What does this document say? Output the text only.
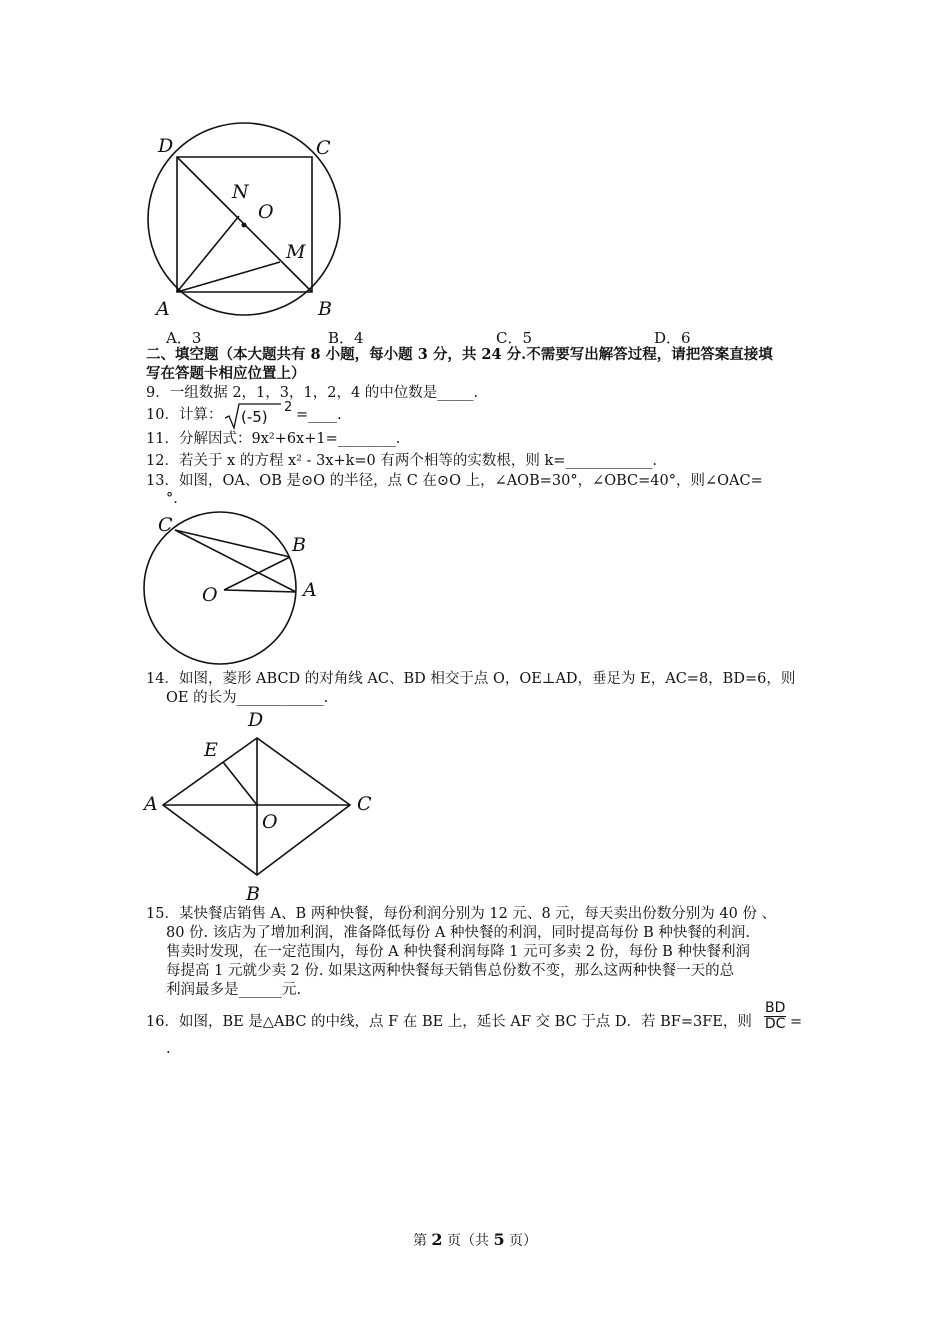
D	C
N
O
M
A	B
A．3	B．4	C．5	D．6
二、填空题（本大题共有 8 小题，每小题 3 分，共 24 分.不需要写出解答过程，请把答案直接填
写在答题卡相应位置上）
9．一组数据 2，1，3，1，2，4 的中位数是_____.
10．计算： (-5)
2 =____.
11．分解因式：9x²+6x+1=________.
12．若关于 x 的方程 x² - 3x+k=0 有两个相等的实数根，则 k=____________.
13．如图，OA、OB 是⊙O 的半径，点 C 在⊙O 上，∠AOB=30°，∠OBC=40°，则∠OAC=
°.
C
B
O	A
14．如图，菱形 ABCD 的对角线 AC、BD 相交于点 O，OE⊥AD，垂足为 E，AC=8，BD=6，则
OE 的长为____________.
D
E
A	C
O
B
15．某快餐店销售 A、B 两种快餐，每份利润分别为 12 元、8 元，每天卖出份数分别为 40 份 、
80 份. 该店为了增加利润，准备降低每份 A 种快餐的利润，同时提高每份 B 种快餐的利润.
售卖时发现，在一定范围内，每份 A 种快餐利润每降 1 元可多卖 2 份，每份 B 种快餐利润
每提高 1 元就少卖 2 份. 如果这两种快餐每天销售总份数不变，那么这两种快餐一天的总
利润最多是______元.
16．如图，BE 是△ABC 的中线，点 F 在 BE 上，延长 AF 交 BC 于点 D．若 BF=3FE，则 $\frac{BD}{DC}$ =
.
第 2 页（共 5 页）
